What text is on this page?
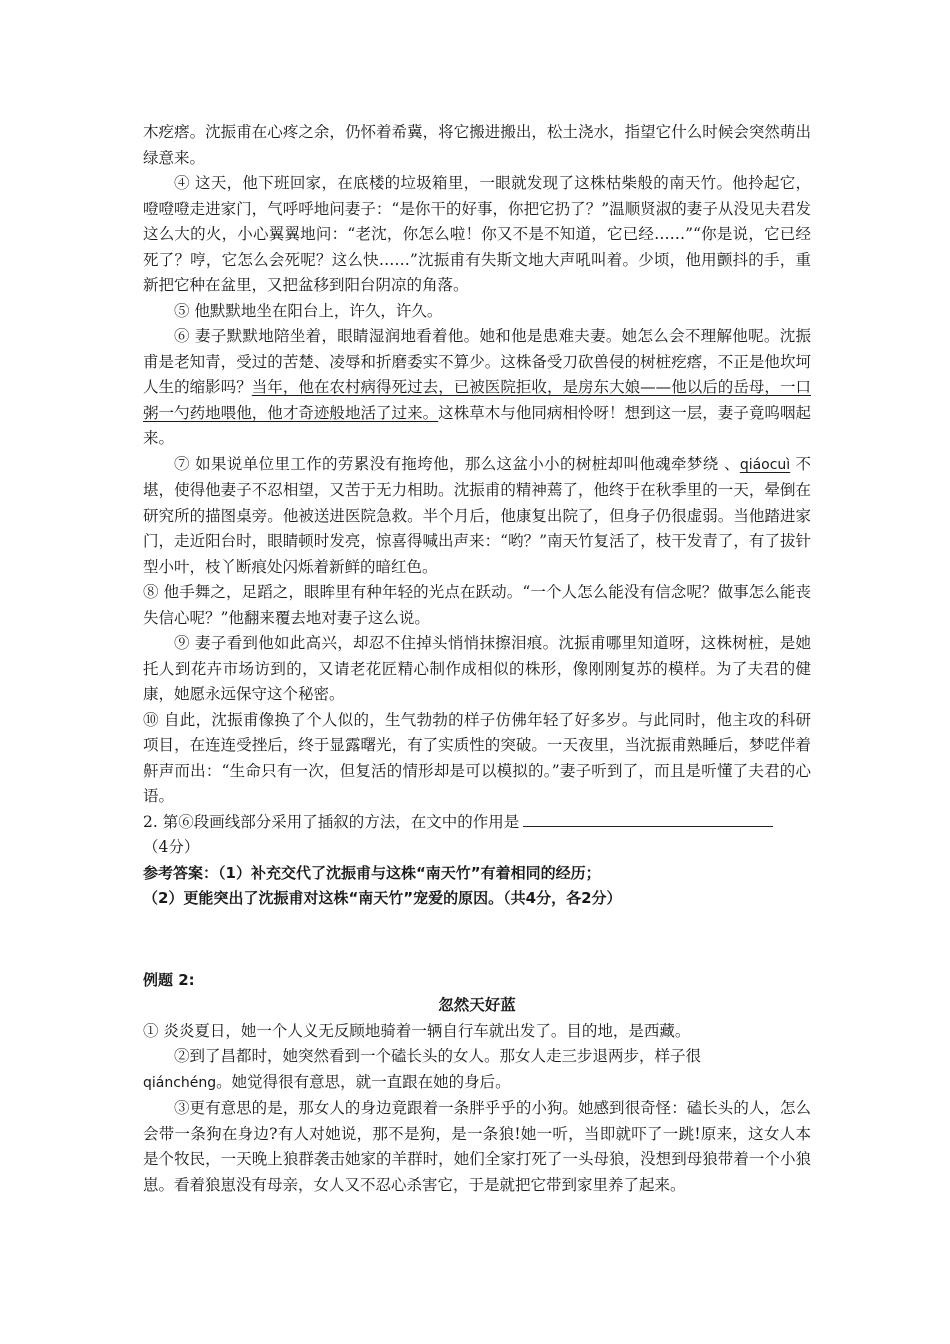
木疙瘩。沈振甫在心疼之余，仍怀着希冀，将它搬进搬出，松土浇水，指望它什么时候会突然萌出绿意来。

④ 这天，他下班回家，在底楼的垃圾箱里，一眼就发现了这株枯柴般的南天竹。他拎起它，噔噔噔走进家门，气呼呼地问妻子：“是你干的好事，你把它扔了？”温顺贤淑的妻子从没见夫君发这么大的火，小心翼翼地问：“老沈，你怎么啦！你又不是不知道，它已经……”“你是说，它已经死了？哼，它怎么会死呢？这么快……”沈振甫有失斯文地大声吼叫着。少顷，他用颤抖的手，重新把它种在盆里，又把盆移到阳台阴凉的角落。

⑤ 他默默地坐在阳台上，许久，许久。

⑥ 妻子默默地陪坐着，眼睛湿润地看着他。她和他是患难夫妻。她怎么会不理解他呢。沈振甫是老知青，受过的苦楚、凌辱和折磨委实不算少。这株备受刀砍兽侵的树桩疙瘩，不正是他坎坷人生的缩影吗？当年，他在农村病得死过去，已被医院拒收，是房东大娘——他以后的岳母，一口粥一勺药地喂他，他才奇迹般地活了过来。这株草木与他同病相怜呀！想到这一层，妻子竟呜咽起来。

⑦ 如果说单位里工作的劳累没有拖垮他，那么这盆小小的树桩却叫他魂牵梦绕 、qiáocuì 不堪，使得他妻子不忍相望，又苦于无力相助。沈振甫的精神蔫了，他终于在秋季里的一天，晕倒在研究所的描图桌旁。他被送进医院急救。半个月后，他康复出院了，但身子仍很虚弱。当他踏进家门，走近阳台时，眼睛顿时发亮，惊喜得喊出声来：“哟？”南天竹复活了，枝干发青了，有了拔针型小叶，枝丫断痕处闪烁着新鲜的暗红色。

⑧ 他手舞之，足蹈之，眼眸里有种年轻的光点在跃动。“一个人怎么能没有信念呢？做事怎么能丧失信心呢？”他翻来覆去地对妻子这么说。

⑨ 妻子看到他如此高兴，却忍不住掉头悄悄抹擦泪痕。沈振甫哪里知道呀，这株树桩，是她托人到花卉市场访到的，又请老花匠精心制作成相似的株形，像刚刚复苏的模样。为了夫君的健康，她愿永远保守这个秘密。

⑩ 自此，沈振甫像换了个人似的，生气勃勃的样子仿佛年轻了好多岁。与此同时，他主攻的科研项目，在连连受挫后，终于显露曙光，有了实质性的突破。一天夜里，当沈振甫熟睡后，梦呓伴着鼾声而出：“生命只有一次，但复活的情形却是可以模拟的。”妻子听到了，而且是听懂了夫君的心语。

2. 第⑥段画线部分采用了插叙的方法，在文中的作用是
（4分）

参考答案：（1）补充交代了沈振甫与这株“南天竹”有着相同的经历；

（2）更能突出了沈振甫对这株“南天竹”宠爱的原因。（共4分，各2分）

例题 2:

忽然天好蓝

① 炎炎夏日，她一个人义无反顾地骑着一辆自行车就出发了。目的地，是西藏。

②到了昌都时，她突然看到一个磕长头的女人。那女人走三步退两步，样子很
qiánchéng。她觉得很有意思，就一直跟在她的身后。

③更有意思的是，那女人的身边竟跟着一条胖乎乎的小狗。她感到很奇怪：磕长头的人，怎么会带一条狗在身边?有人对她说，那不是狗，是一条狼!她一听，当即就吓了一跳!原来，这女人本是个牧民，一天晚上狼群袭击她家的羊群时，她们全家打死了一头母狼，没想到母狼带着一个小狼崽。看着狼崽没有母亲，女人又不忍心杀害它，于是就把它带到家里养了起来。
